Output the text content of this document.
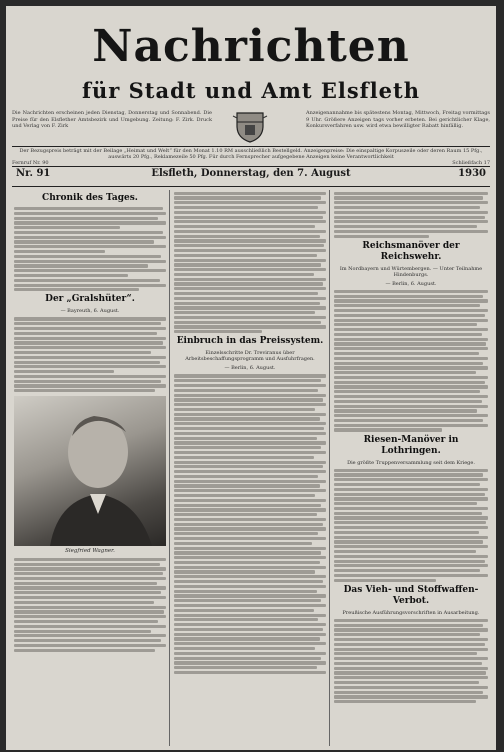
Nachrichten
für Stadt und Amt Elsfleth
Die Nachrichten erscheinen jeden Dienstag, Donnerstag und Sonnabend. Die Preise für den Elsflether Amtsbezirk und Umgebung. Zeitung: F. Zirk. Druck und Verlag von F. Zirk
Anzeigenannahme bis spätestens Montag, Mittwoch, Freitag vormittags 9 Uhr. Größere Anzeigen tags vorher erbeten. Bei gerichtlicher Klage, Konkursverfahren usw. wird etwa bewilligter Rabatt hinfällig.
Der Bezugspreis beträgt mit der Beilage „Heimat und Welt“ für den Monat 1.10 RM ausschließlich Bestellgeld. Anzeigenpreise: Die einspaltige Korpuszeile oder deren Raum 15 Pfg., auswärts 20 Pfg., Reklamezeile 50 Pfg. Für durch Fernsprecher aufgegebene Anzeigen keine Verantwortlichkeit
Fernruf Nr. 90	Schließfach 17
Nr. 91	Elsfleth, Donnerstag, den 7. August	1930
Chronik des Tages.
Der „Gralshüter“.
— Bayreuth, 6. August.
Siegfried Wagner.
Einbruch in das Preissystem.
Einzelsschritte Dr. Treviranus über Arbeitsbeschaffungsprogramm und Ausfuhrfragen.
— Berlin, 6. August.
Reichsmanöver der Reichswehr.
Im Nordbayern und Würtembergen. — Unter Teilnahme Hindenburgs.
— Berlin, 6. August.
Riesen-Manöver in Lothringen.
Die größte Truppenversammlung seit dem Kriege.
Das Vieh- und Stoffwaffen-Verbot.
Preußische Ausführungsvorschriften in Ausarbeitung.
